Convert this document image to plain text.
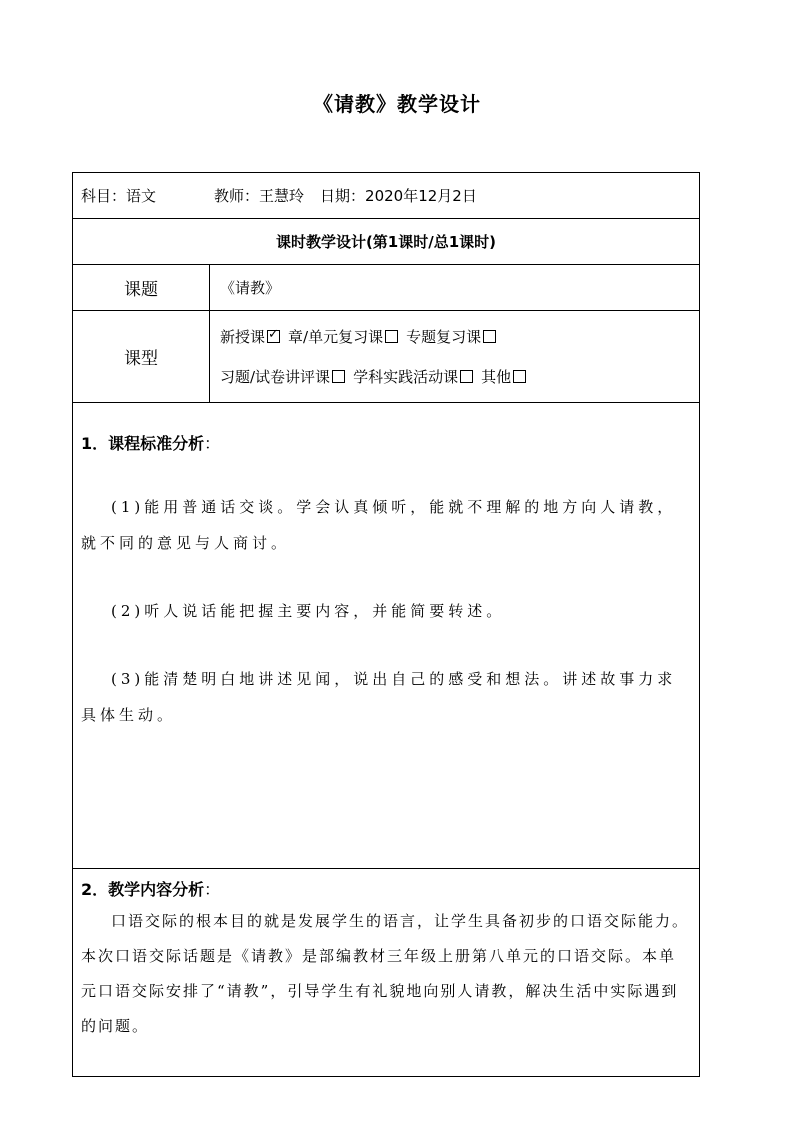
《请教》教学设计
科目：语文 教师：王慧玲 日期：2020年12月2日	
课时教学设计(第1课时/总1课时)	
课题	《请教》
课型	新授课 ✓ 章/单元复习课 专题复习课
习题/试卷讲评课 学科实践活动课 其他

1．课程标准分析：

(1)能用普通话交谈。学会认真倾听，能就不理解的地方向人请教，就不同的意见与人商讨。

(2)听人说话能把握主要内容，并能简要转述。

(3)能清楚明白地讲述见闻，说出自己的感受和想法。讲述故事力求具体生动。	

2．教学内容分析：

口语交际的根本目的就是发展学生的语言，让学生具备初步的口语交际能力。本次口语交际话题是《请教》是部编教材三年级上册第八单元的口语交际。本单元口语交际安排了“请教”，引导学生有礼貌地向别人请教，解决生活中实际遇到的问题。	
